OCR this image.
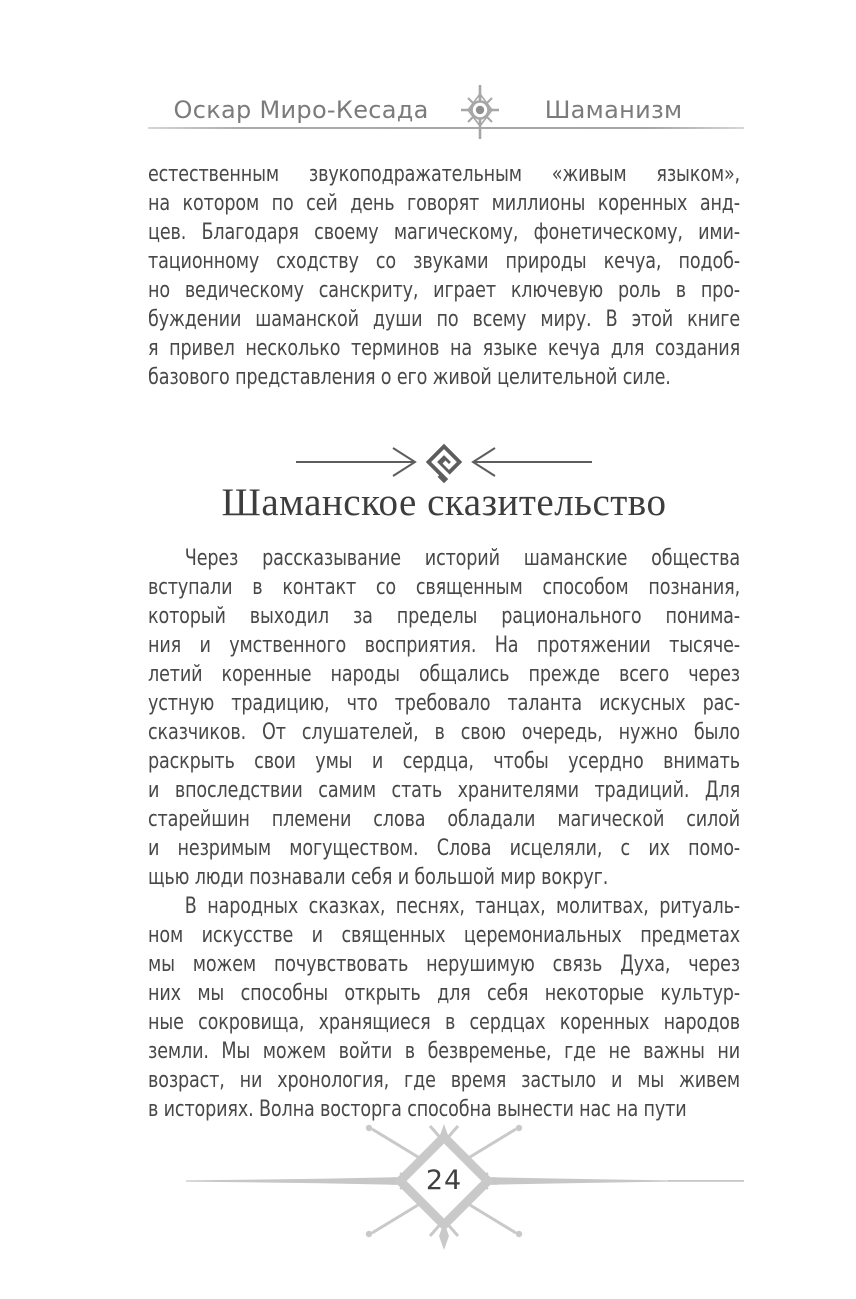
Оскар Миро-Кесада	Шаманизм
естественным звукоподражательным «живым языком»,
на котором по сей день говорят миллионы коренных анд-
цев. Благодаря своему магическому, фонетическому, ими-
тационному сходству со звуками природы кечуа, подоб-
но ведическому санскриту, играет ключевую роль в про-
буждении шаманской души по всему миру. В этой книге
я привел несколько терминов на языке кечуа для создания
базового представления о его живой целительной силе.
Шаманское сказительство
Через рассказывание историй шаманские общества
вступали в контакт со священным способом познания,
который выходил за пределы рационального понима-
ния и умственного восприятия. На протяжении тысяче-
летий коренные народы общались прежде всего через
устную традицию, что требовало таланта искусных рас-
сказчиков. От слушателей, в свою очередь, нужно было
раскрыть свои умы и сердца, чтобы усердно внимать
и впоследствии самим стать хранителями традиций. Для
старейшин племени слова обладали магической силой
и незримым могуществом. Слова исцеляли, с их помо-
щью люди познавали себя и большой мир вокруг.
В народных сказках, песнях, танцах, молитвах, ритуаль-
ном искусстве и священных церемониальных предметах
мы можем почувствовать нерушимую связь Духа, через
них мы способны открыть для себя некоторые культур-
ные сокровища, хранящиеся в сердцах коренных народов
земли. Мы можем войти в безвременье, где не важны ни
возраст, ни хронология, где время застыло и мы живем
в историях. Волна восторга способна вынести нас на пути
24
